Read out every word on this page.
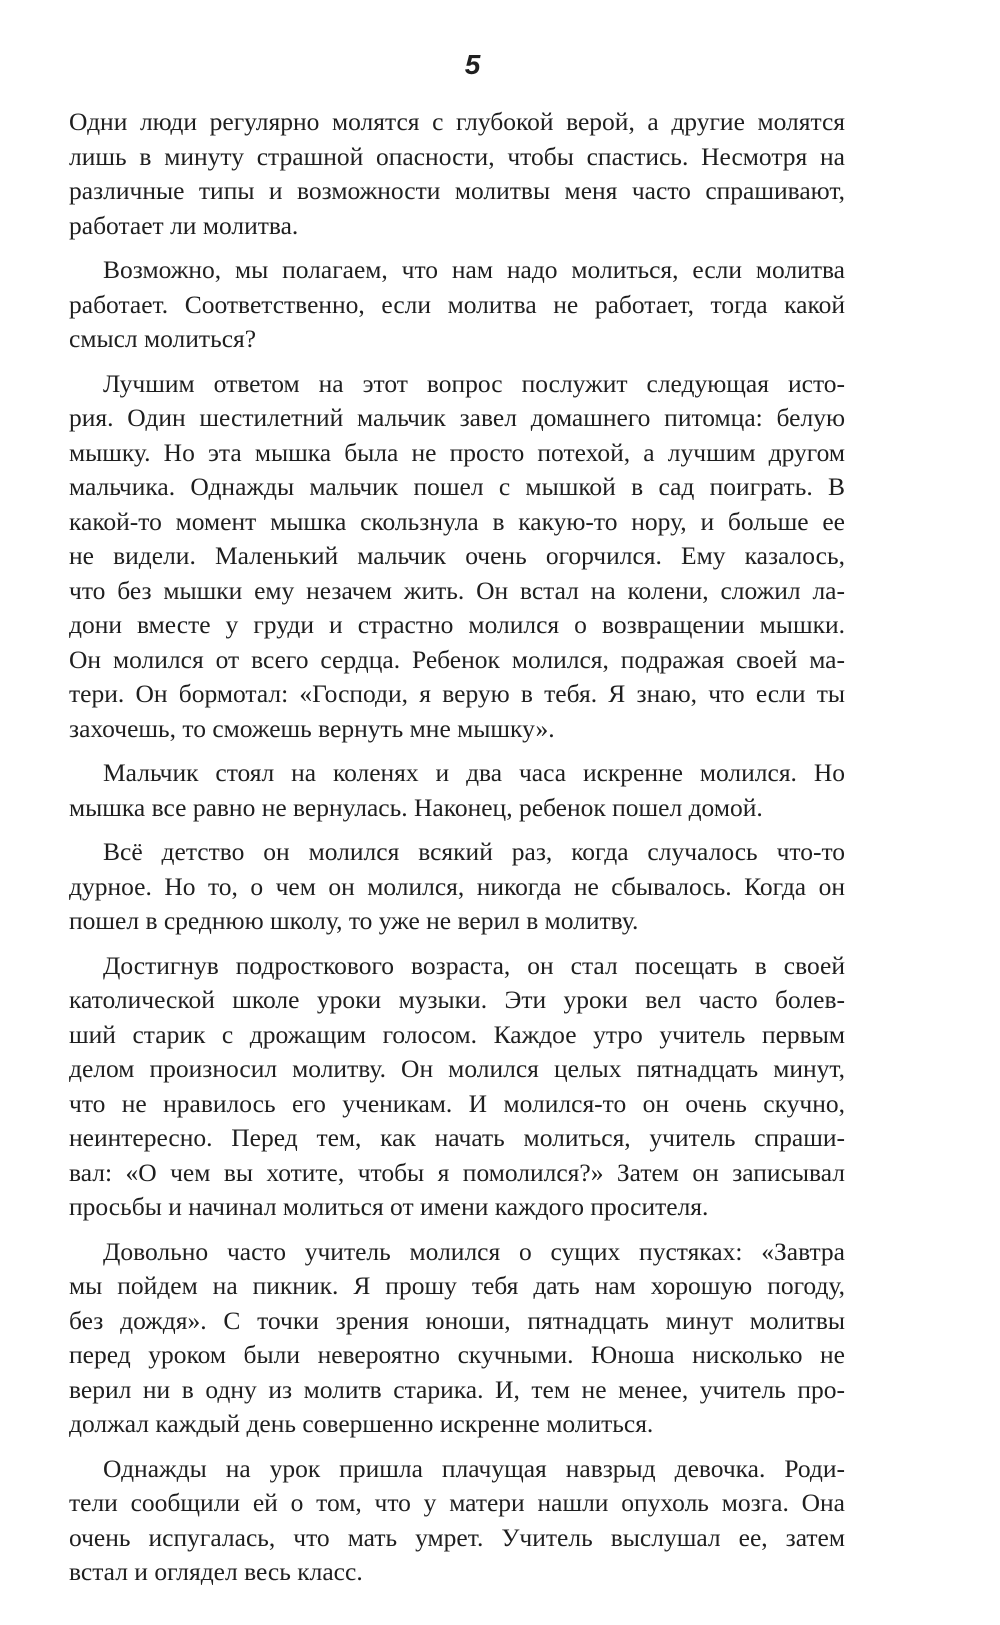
5
Одни люди регулярно молятся с глубокой верой, а другие молятся
лишь в минуту страшной опасности, чтобы спастись. Несмотря на
различные типы и возможности молитвы меня часто спрашивают,
работает ли молитва.
Возможно, мы полагаем, что нам надо молиться, если молитва
работает. Соответственно, если молитва не работает, тогда какой
смысл молиться?
Лучшим ответом на этот вопрос послужит следующая исто-
рия. Один шестилетний мальчик завел домашнего питомца: белую
мышку. Но эта мышка была не просто потехой, а лучшим другом
мальчика. Однажды мальчик пошел с мышкой в сад поиграть. В
какой-то момент мышка скользнула в какую-то нору, и больше ее
не видели. Маленький мальчик очень огорчился. Ему казалось,
что без мышки ему незачем жить. Он встал на колени, сложил ла-
дони вместе у груди и страстно молился о возвращении мышки.
Он молился от всего сердца. Ребенок молился, подражая своей ма-
тери. Он бормотал: «Господи, я верую в тебя. Я знаю, что если ты
захочешь, то сможешь вернуть мне мышку».
Мальчик стоял на коленях и два часа искренне молился. Но
мышка все равно не вернулась. Наконец, ребенок пошел домой.
Всё детство он молился всякий раз, когда случалось что-то
дурное. Но то, о чем он молился, никогда не сбывалось. Когда он
пошел в среднюю школу, то уже не верил в молитву.
Достигнув подросткового возраста, он стал посещать в своей
католической школе уроки музыки. Эти уроки вел часто болев-
ший старик с дрожащим голосом. Каждое утро учитель первым
делом произносил молитву. Он молился целых пятнадцать минут,
что не нравилось его ученикам. И молился-то он очень скучно,
неинтересно. Перед тем, как начать молиться, учитель спраши-
вал: «О чем вы хотите, чтобы я помолился?» Затем он записывал
просьбы и начинал молиться от имени каждого просителя.
Довольно часто учитель молился о сущих пустяках: «Завтра
мы пойдем на пикник. Я прошу тебя дать нам хорошую погоду,
без дождя». С точки зрения юноши, пятнадцать минут молитвы
перед уроком были невероятно скучными. Юноша нисколько не
верил ни в одну из молитв старика. И, тем не менее, учитель про-
должал каждый день совершенно искренне молиться.
Однажды на урок пришла плачущая навзрыд девочка. Роди-
тели сообщили ей о том, что у матери нашли опухоль мозга. Она
очень испугалась, что мать умрет. Учитель выслушал ее, затем
встал и оглядел весь класс.
